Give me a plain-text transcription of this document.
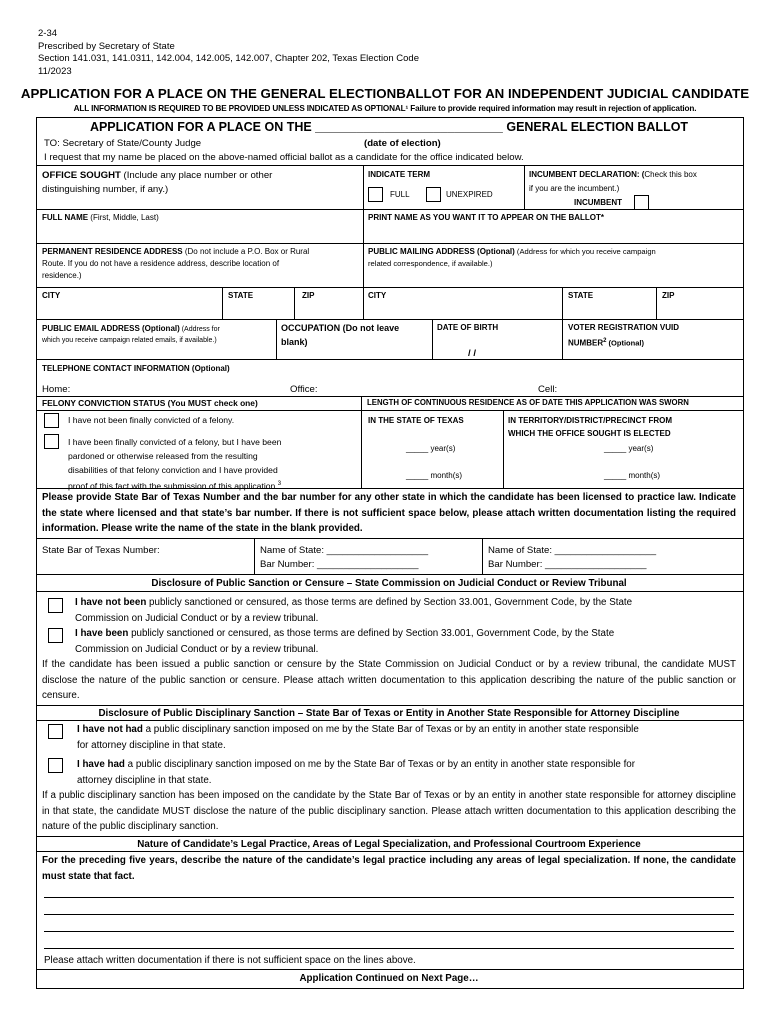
2-34
Prescribed by Secretary of State
Section 141.031, 141.0311, 142.004, 142.005, 142.007, Chapter 202, Texas Election Code
11/2023
APPLICATION FOR A PLACE ON THE GENERAL ELECTIONBALLOT FOR AN INDEPENDENT JUDICIAL CANDIDATE
ALL INFORMATION IS REQUIRED TO BE PROVIDED UNLESS INDICATED AS OPTIONAL¹ Failure to provide required information may result in rejection of application.
APPLICATION FOR A PLACE ON THE ___________________________ GENERAL ELECTION BALLOT
TO: Secretary of State/County Judge	(date of election)
I request that my name be placed on the above-named official ballot as a candidate for the office indicated below.
OFFICE SOUGHT (Include any place number or other
distinguishing number, if any.)
INDICATE TERM
FULL	UNEXPIRED
INCUMBENT DECLARATION: (Check this box
if you are the incumbent.)
INCUMBENT
FULL NAME (First, Middle, Last)	PRINT NAME AS YOU WANT IT TO APPEAR ON THE BALLOT*
PERMANENT RESIDENCE ADDRESS (Do not include a P.O. Box or Rural
Route. If you do not have a residence address, describe location of
residence.)
PUBLIC MAILING ADDRESS (Optional) (Address for which you receive campaign
related correspondence, if available.)
CITY	STATE	ZIP	CITY	STATE	ZIP
PUBLIC EMAIL ADDRESS (Optional) (Address for
which you receive campaign related emails, if available.)
OCCUPATION (Do not leave
blank)
DATE OF BIRTH
/ /
VOTER REGISTRATION VUID
NUMBER$^2$ (Optional)
TELEPHONE CONTACT INFORMATION (Optional)
Home:	Office:	Cell:
FELONY CONVICTION STATUS (You MUST check one)
I have not been finally convicted of a felony.
I have been finally convicted of a felony, but I have been
pardoned or otherwise released from the resulting
disabilities of that felony conviction and I have provided
proof of this fact with the submission of this application.$^3$
LENGTH OF CONTINUOUS RESIDENCE AS OF DATE THIS APPLICATION WAS SWORN
IN THE STATE OF TEXAS	IN TERRITORY/DISTRICT/PRECINCT FROM
WHICH THE OFFICE SOUGHT IS ELECTED
_____ year(s)	_____ year(s)
_____ month(s)	_____ month(s)
Please provide State Bar of Texas Number and the bar number for any other state in which the candidate has been licensed to practice law. Indicate the state where licensed and that state’s bar number. If there is not sufficient space below, please attach written documentation listing the required information. Please write the name of the state in the blank provided.
State Bar of Texas Number:	Name of State: ___________________
Bar Number: ___________________
Name of State: ___________________
Bar Number: ___________________
Disclosure of Public Sanction or Censure – State Commission on Judicial Conduct or Review Tribunal
I have not been publicly sanctioned or censured, as those terms are defined by Section 33.001, Government Code, by the State
Commission on Judicial Conduct or by a review tribunal.
I have been publicly sanctioned or censured, as those terms are defined by Section 33.001, Government Code, by the State
Commission on Judicial Conduct or by a review tribunal.
If the candidate has been issued a public sanction or censure by the State Commission on Judicial Conduct or by a review tribunal, the candidate MUST disclose the nature of the public sanction or censure. Please attach written documentation to this application describing the nature of the public sanction or censure.
Disclosure of Public Disciplinary Sanction – State Bar of Texas or Entity in Another State Responsible for Attorney Discipline
I have not had a public disciplinary sanction imposed on me by the State Bar of Texas or by an entity in another state responsible
for attorney discipline in that state.
I have had a public disciplinary sanction imposed on me by the State Bar of Texas or by an entity in another state responsible for
attorney discipline in that state.
If a public disciplinary sanction has been imposed on the candidate by the State Bar of Texas or by an entity in another state responsible for attorney discipline in that state, the candidate MUST disclose the nature of the public disciplinary sanction. Please attach written documentation to this application describing the nature of the public disciplinary sanction.
Nature of Candidate’s Legal Practice, Areas of Legal Specialization, and Professional Courtroom Experience
For the preceding five years, describe the nature of the candidate’s legal practice including any areas of legal specialization. If none, the candidate must state that fact.
Please attach written documentation if there is not sufficient space on the lines above.
Application Continued on Next Page…
